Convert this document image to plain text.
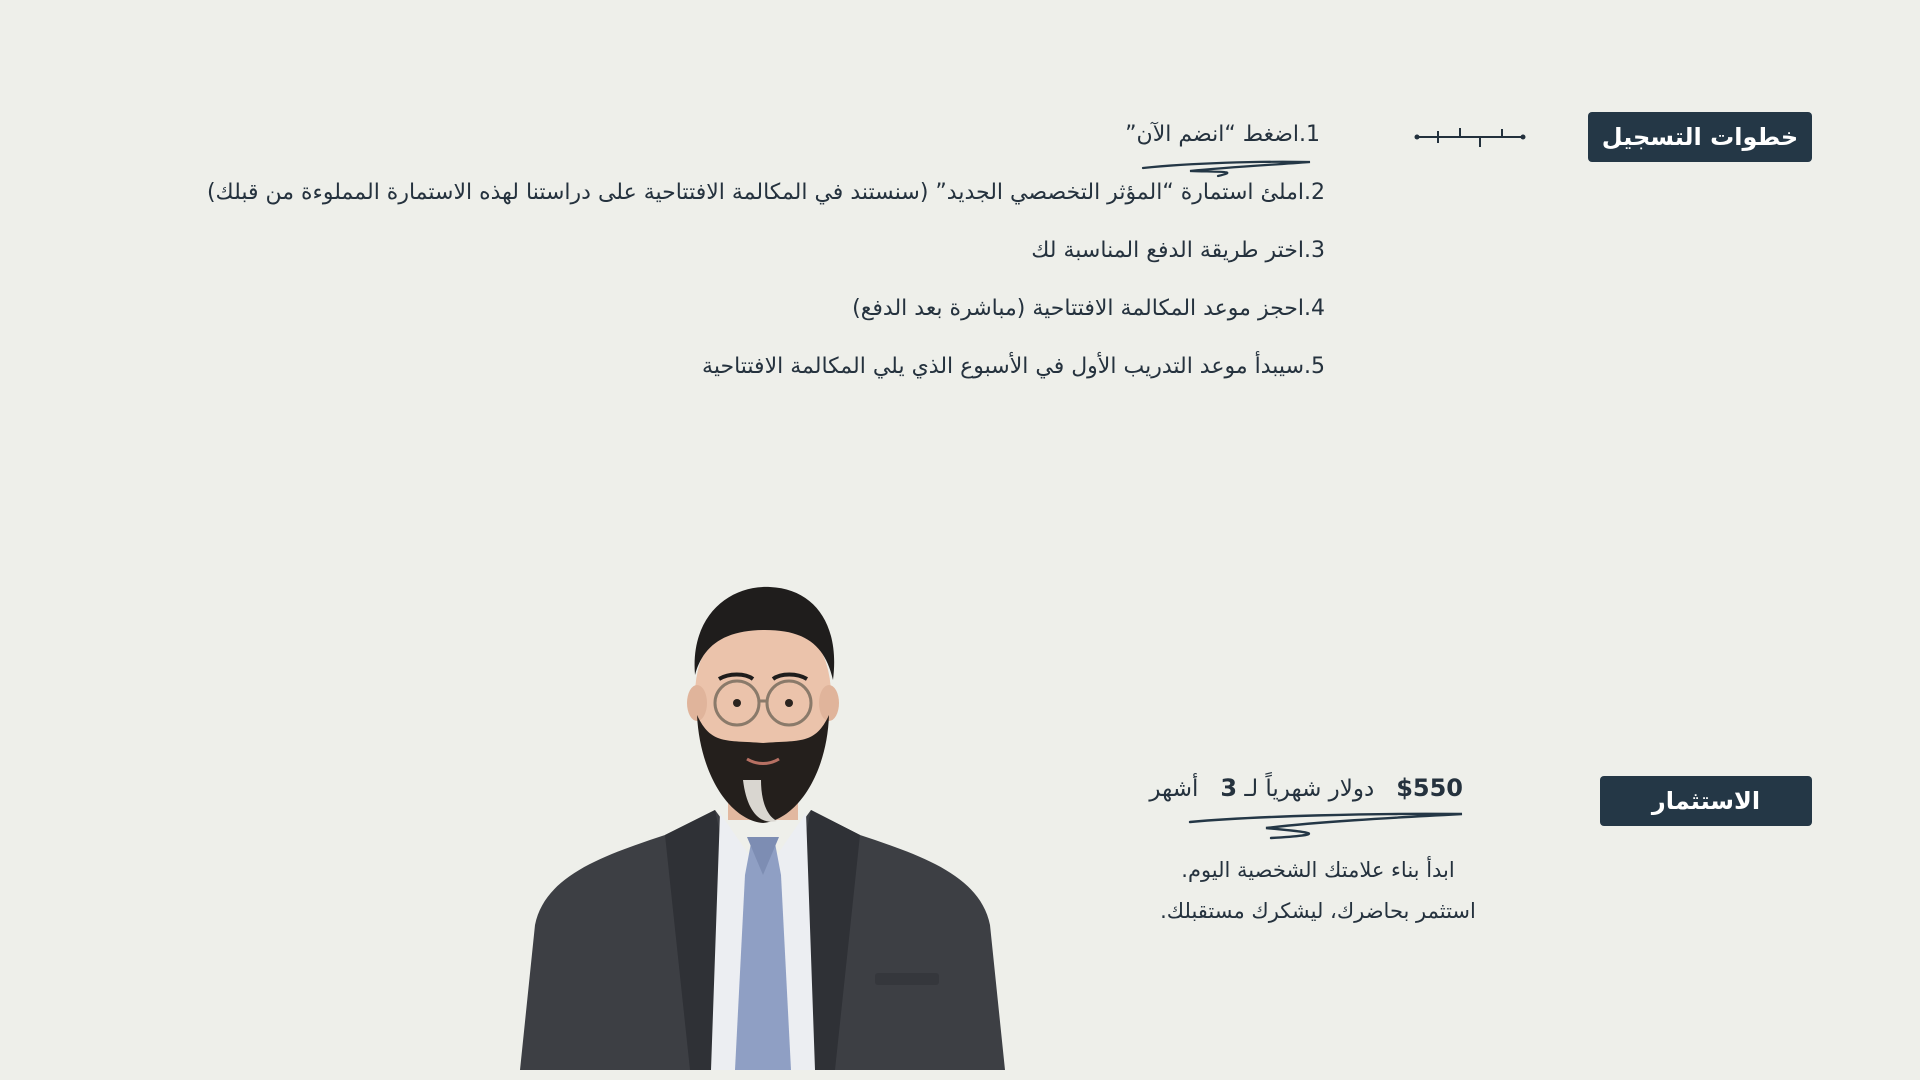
خطوات التسجيل
1.اضغط “انضم الآن”
2.املئ استمارة “المؤثر التخصصي الجديد” (سنستند في المكالمة الافتتاحية على دراستنا لهذه الاستمارة المملوءة من قبلك)
3.اختر طريقة الدفع المناسبة لك
4.احجز موعد المكالمة الافتتاحية (مباشرة بعد الدفع)
5.سيبدأ موعد التدريب الأول في الأسبوع الذي يلي المكالمة الافتتاحية
الاستثمار
$550   دولار شهرياً لـ 3   أشهر
ابدأ بناء علامتك الشخصية اليوم.
استثمر بحاضرك، ليشكرك مستقبلك.
